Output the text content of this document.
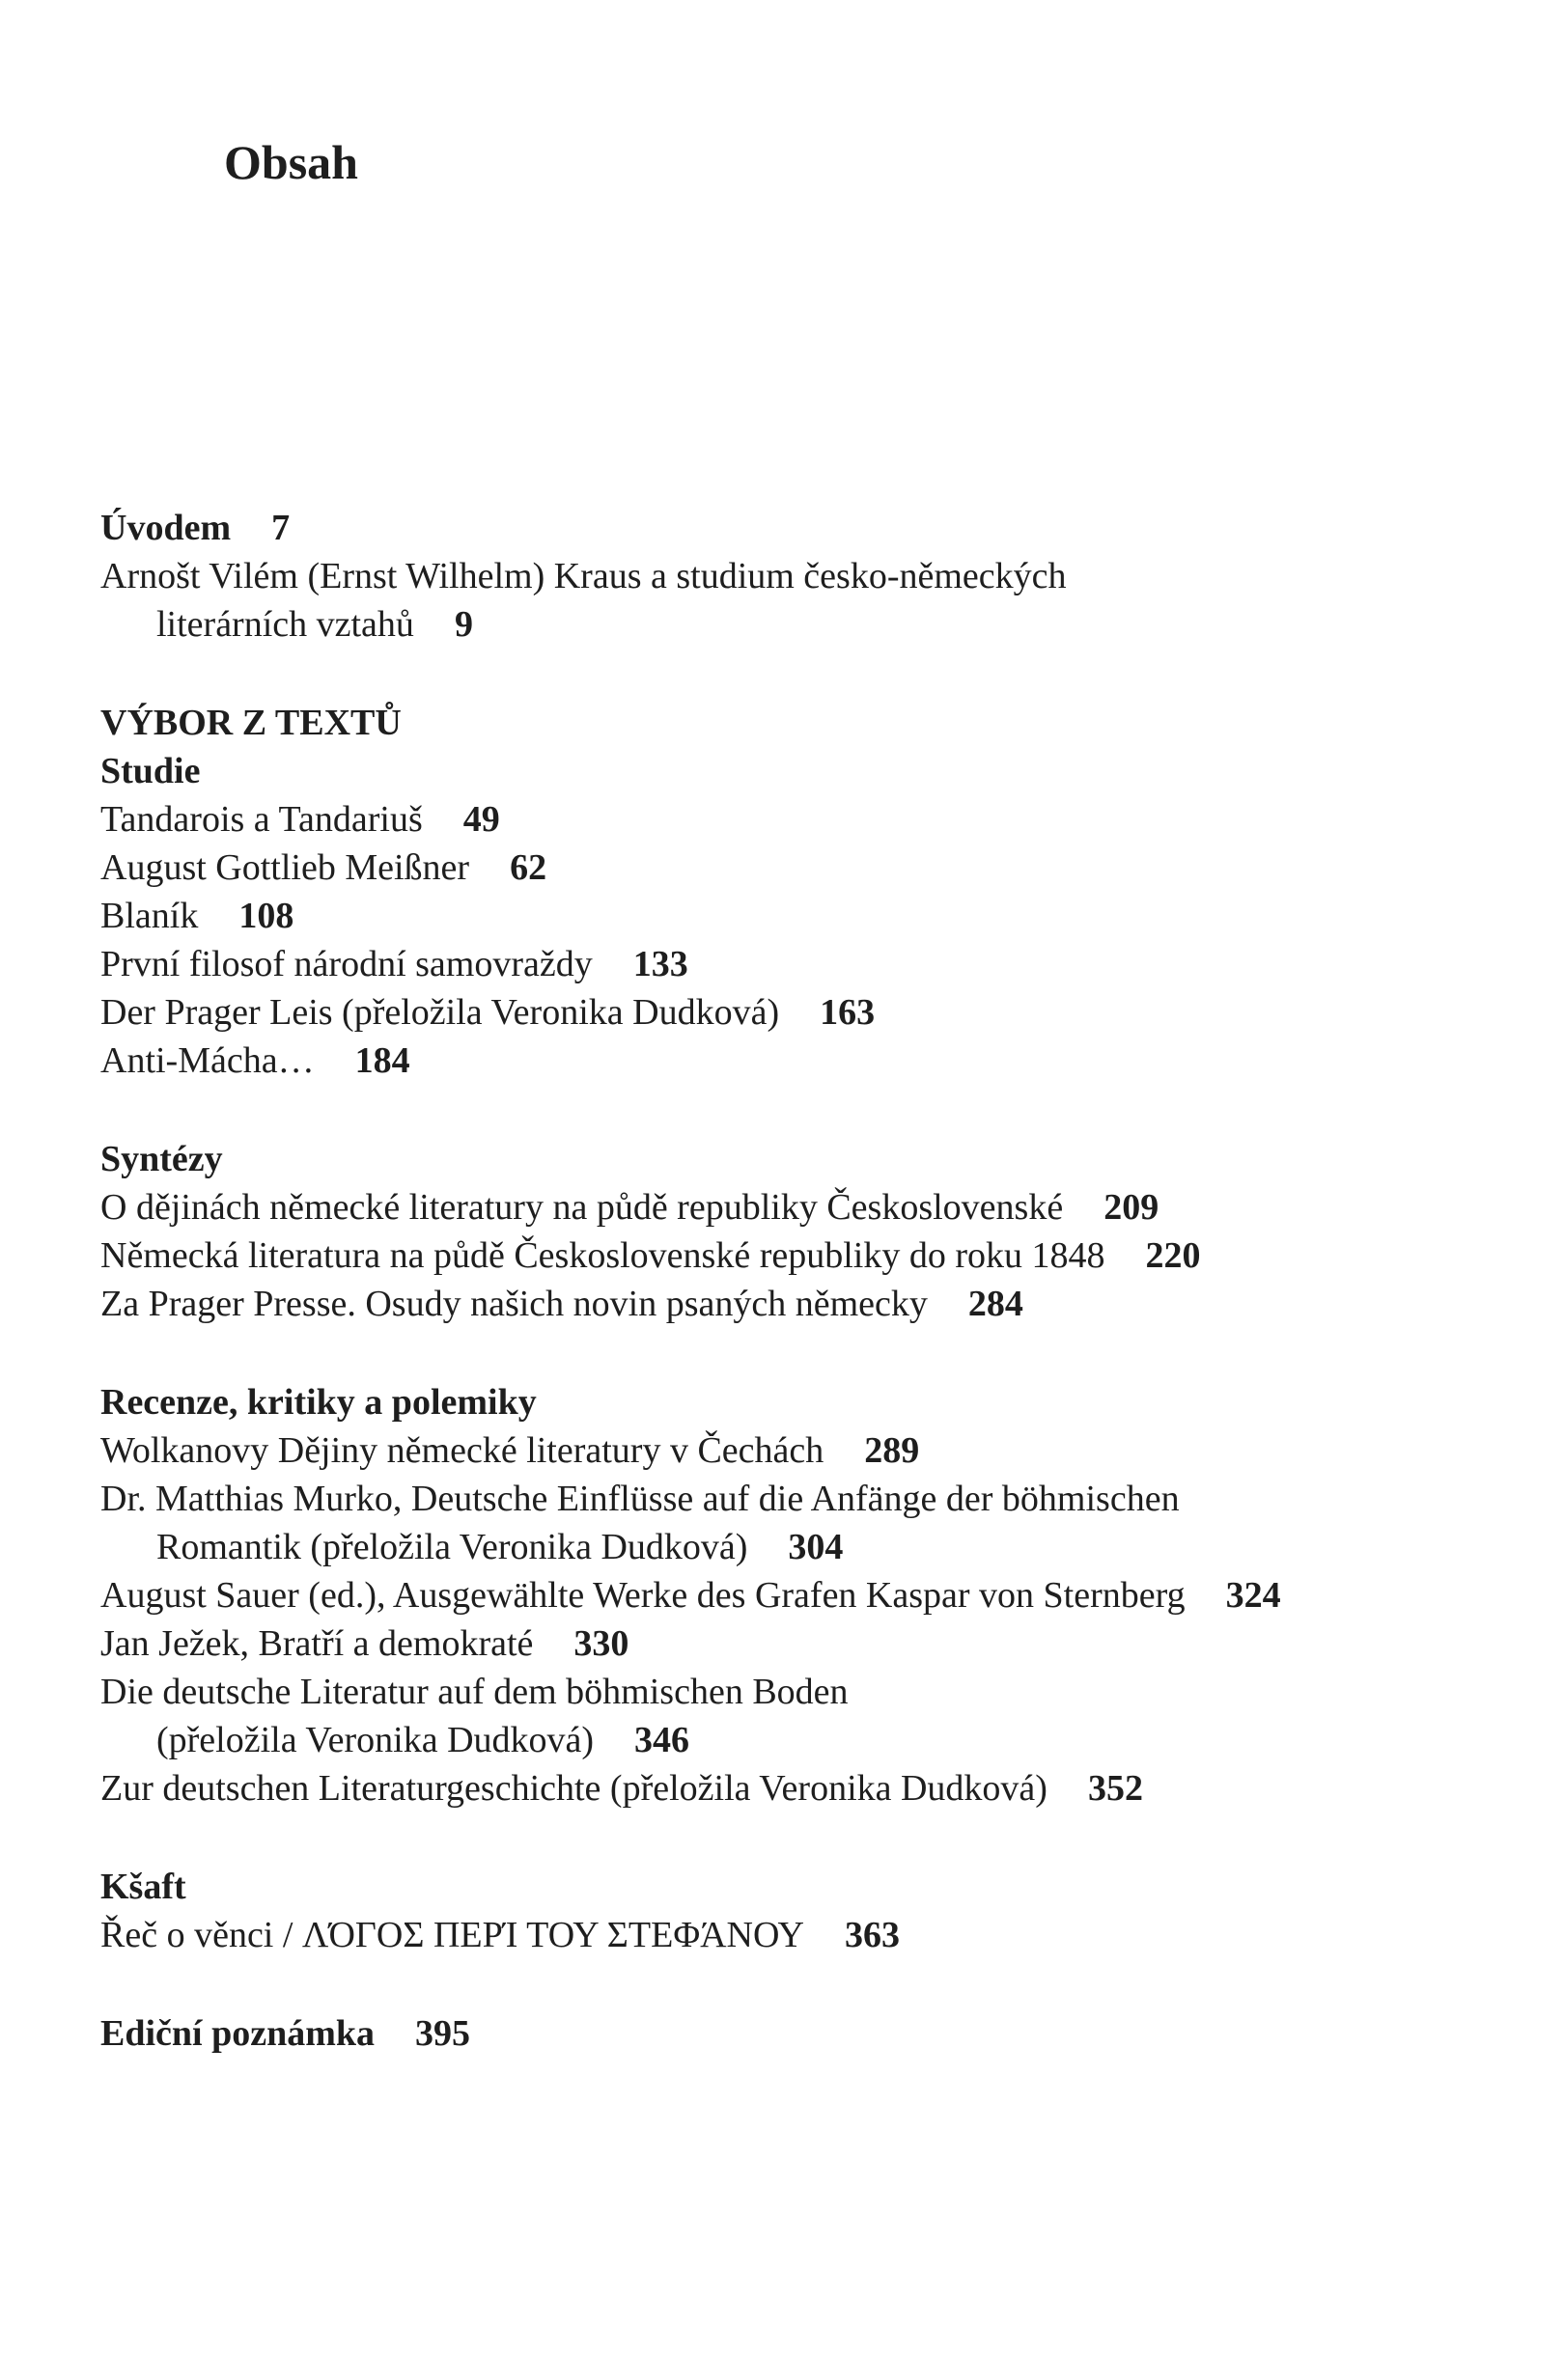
Obsah
Úvodem 7
Arnošt Vilém (Ernst Wilhelm) Kraus a studium česko-německých
literárních vztahů 9
VÝBOR Z TEXTŮ
Studie
Tandarois a Tandariuš 49
August Gottlieb Meißner 62
Blaník 108
První filosof národní samovraždy 133
Der Prager Leis (přeložila Veronika Dudková) 163
Anti-Mácha… 184
Syntézy
O dějinách německé literatury na půdě republiky Československé 209
Německá literatura na půdě Československé republiky do roku 1848 220
Za Prager Presse. Osudy našich novin psaných německy 284
Recenze, kritiky a polemiky
Wolkanovy Dějiny německé literatury v Čechách 289
Dr. Matthias Murko, Deutsche Einflüsse auf die Anfänge der böhmischen
Romantik (přeložila Veronika Dudková) 304
August Sauer (ed.), Ausgewählte Werke des Grafen Kaspar von Sternberg 324
Jan Ježek, Bratří a demokraté 330
Die deutsche Literatur auf dem böhmischen Boden
(přeložila Veronika Dudková) 346
Zur deutschen Literaturgeschichte (přeložila Veronika Dudková) 352
Kšaft
Řeč o věnci / ΛΌΓΟΣ ΠΕΡΊ ΤΟΥ ΣΤΕΦΆΝΟΥ 363
Ediční poznámka 395
